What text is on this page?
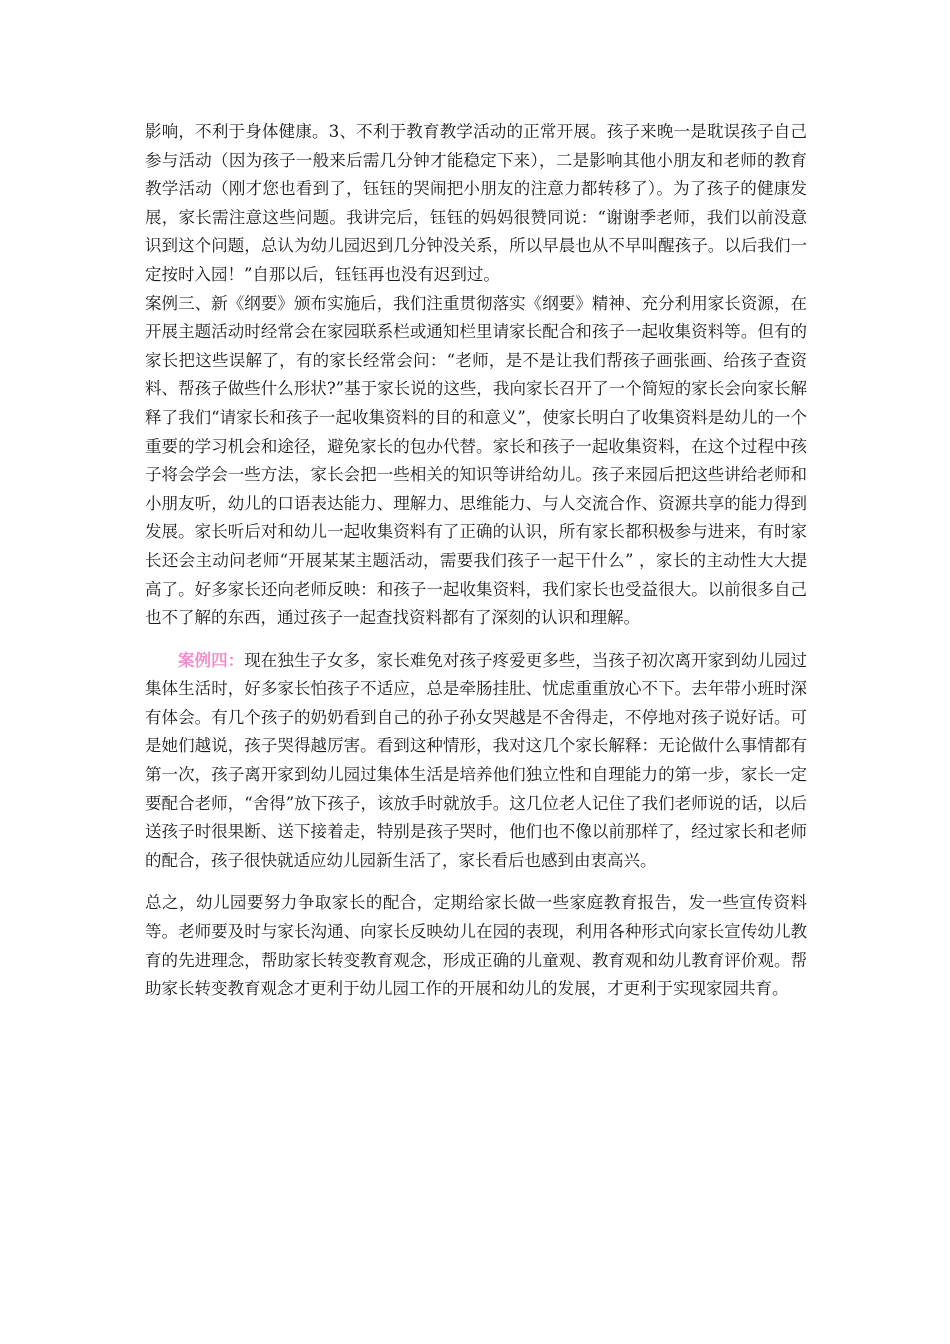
影响，不利于身体健康。3、不利于教育教学活动的正常开展。孩子来晚一是耽误孩子自己参与活动（因为孩子一般来后需几分钟才能稳定下来），二是影响其他小朋友和老师的教育教学活动（刚才您也看到了，钰钰的哭闹把小朋友的注意力都转移了）。为了孩子的健康发展，家长需注意这些问题。我讲完后，钰钰的妈妈很赞同说：“谢谢季老师，我们以前没意识到这个问题，总认为幼儿园迟到几分钟没关系，所以早晨也从不早叫醒孩子。以后我们一定按时入园！”自那以后，钰钰再也没有迟到过。

案例三、新《纲要》颁布实施后，我们注重贯彻落实《纲要》精神、充分利用家长资源，在开展主题活动时经常会在家园联系栏或通知栏里请家长配合和孩子一起收集资料等。但有的家长把这些误解了，有的家长经常会问：“老师，是不是让我们帮孩子画张画、给孩子查资料、帮孩子做些什么形状?”基于家长说的这些，我向家长召开了一个简短的家长会向家长解释了我们“请家长和孩子一起收集资料的目的和意义”，使家长明白了收集资料是幼儿的一个重要的学习机会和途径，避免家长的包办代替。家长和孩子一起收集资料，在这个过程中孩子将会学会一些方法，家长会把一些相关的知识等讲给幼儿。孩子来园后把这些讲给老师和小朋友听，幼儿的口语表达能力、理解力、思维能力、与人交流合作、资源共享的能力得到发展。家长听后对和幼儿一起收集资料有了正确的认识，所有家长都积极参与进来，有时家长还会主动问老师“开展某某主题活动，需要我们孩子一起干什么” ，家长的主动性大大提高了。好多家长还向老师反映：和孩子一起收集资料，我们家长也受益很大。以前很多自己也不了解的东西，通过孩子一起查找资料都有了深刻的认识和理解。

案例四：现在独生子女多，家长难免对孩子疼爱更多些，当孩子初次离开家到幼儿园过集体生活时，好多家长怕孩子不适应，总是牵肠挂肚、忧虑重重放心不下。去年带小班时深有体会。有几个孩子的奶奶看到自己的孙子孙女哭越是不舍得走，不停地对孩子说好话。可是她们越说，孩子哭得越厉害。看到这种情形，我对这几个家长解释：无论做什么事情都有第一次，孩子离开家到幼儿园过集体生活是培养他们独立性和自理能力的第一步，家长一定要配合老师，“舍得”放下孩子，该放手时就放手。这几位老人记住了我们老师说的话，以后送孩子时很果断、送下接着走，特别是孩子哭时，他们也不像以前那样了，经过家长和老师的配合，孩子很快就适应幼儿园新生活了，家长看后也感到由衷高兴。

总之，幼儿园要努力争取家长的配合，定期给家长做一些家庭教育报告，发一些宣传资料等。老师要及时与家长沟通、向家长反映幼儿在园的表现，利用各种形式向家长宣传幼儿教育的先进理念，帮助家长转变教育观念，形成正确的儿童观、教育观和幼儿教育评价观。帮助家长转变教育观念才更利于幼儿园工作的开展和幼儿的发展，才更利于实现家园共育。
